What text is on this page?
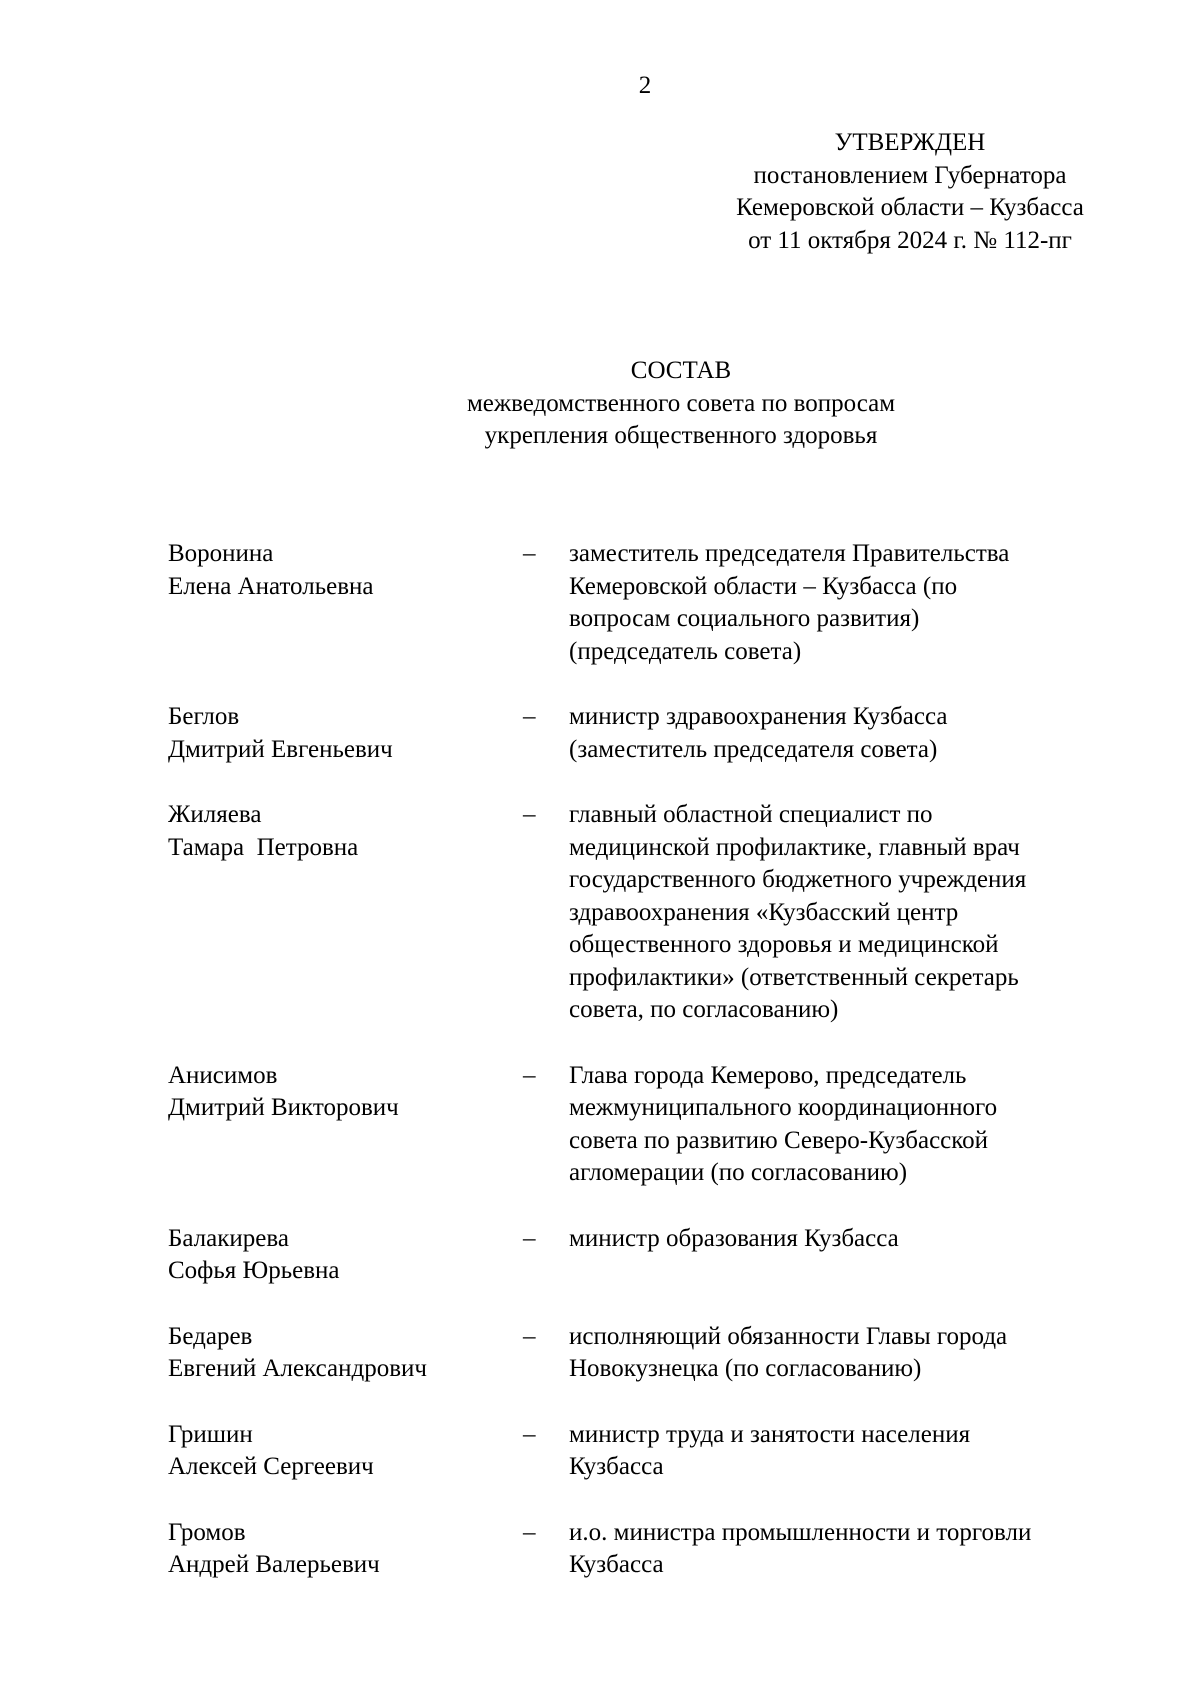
2
УТВЕРЖДЕН
постановлением Губернатора
Кемеровской области – Кузбасса
от 11 октября 2024 г. № 112-пг
СОСТАВ
межведомственного совета по вопросам
укрепления общественного здоровья
Воронина
Елена Анатольевна
–	заместитель председателя Правительства
Кемеровской области – Кузбасса (по
вопросам социального развития)
(председатель совета)
Беглов
Дмитрий Евгеньевич
–	министр здравоохранения Кузбасса
(заместитель председателя совета)
Жиляева
Тамара  Петровна
–	главный областной специалист по
медицинской профилактике, главный врач
государственного бюджетного учреждения
здравоохранения «Кузбасский центр
общественного здоровья и медицинской
профилактики» (ответственный секретарь
совета, по согласованию)
Анисимов
Дмитрий Викторович
–	Глава города Кемерово, председатель
межмуниципального координационного
совета по развитию Северо-Кузбасской
агломерации (по согласованию)
Балакирева
Софья Юрьевна
–	министр образования Кузбасса
Бедарев
Евгений Александрович
–	исполняющий обязанности Главы города
Новокузнецка (по согласованию)
Гришин
Алексей Сергеевич
–	министр труда и занятости населения
Кузбасса
Громов
Андрей Валерьевич
–	и.о. министра промышленности и торговли
Кузбасса
